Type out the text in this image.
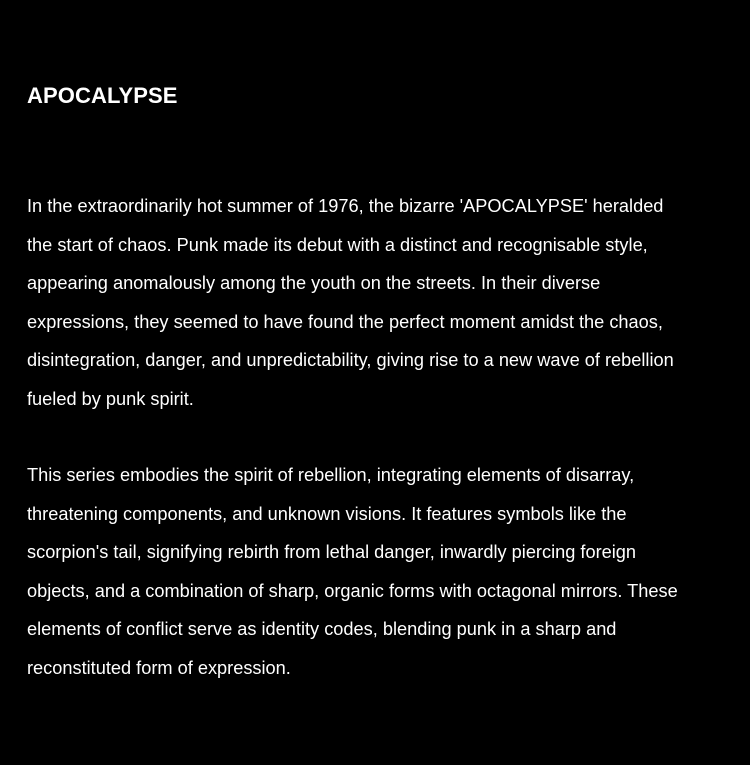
APOCALYPSE

In the extraordinarily hot summer of 1976, the bizarre 'APOCALYPSE' heralded
the start of chaos. Punk made its debut with a distinct and recognisable style,
appearing anomalously among the youth on the streets. In their diverse
expressions, they seemed to have found the perfect moment amidst the chaos,
disintegration, danger, and unpredictability, giving rise to a new wave of rebellion
fueled by punk spirit.

This series embodies the spirit of rebellion, integrating elements of disarray,
threatening components, and unknown visions. It features symbols like the
scorpion's tail, signifying rebirth from lethal danger, inwardly piercing foreign
objects, and a combination of sharp, organic forms with octagonal mirrors. These
elements of conflict serve as identity codes, blending punk in a sharp and
reconstituted form of expression.
